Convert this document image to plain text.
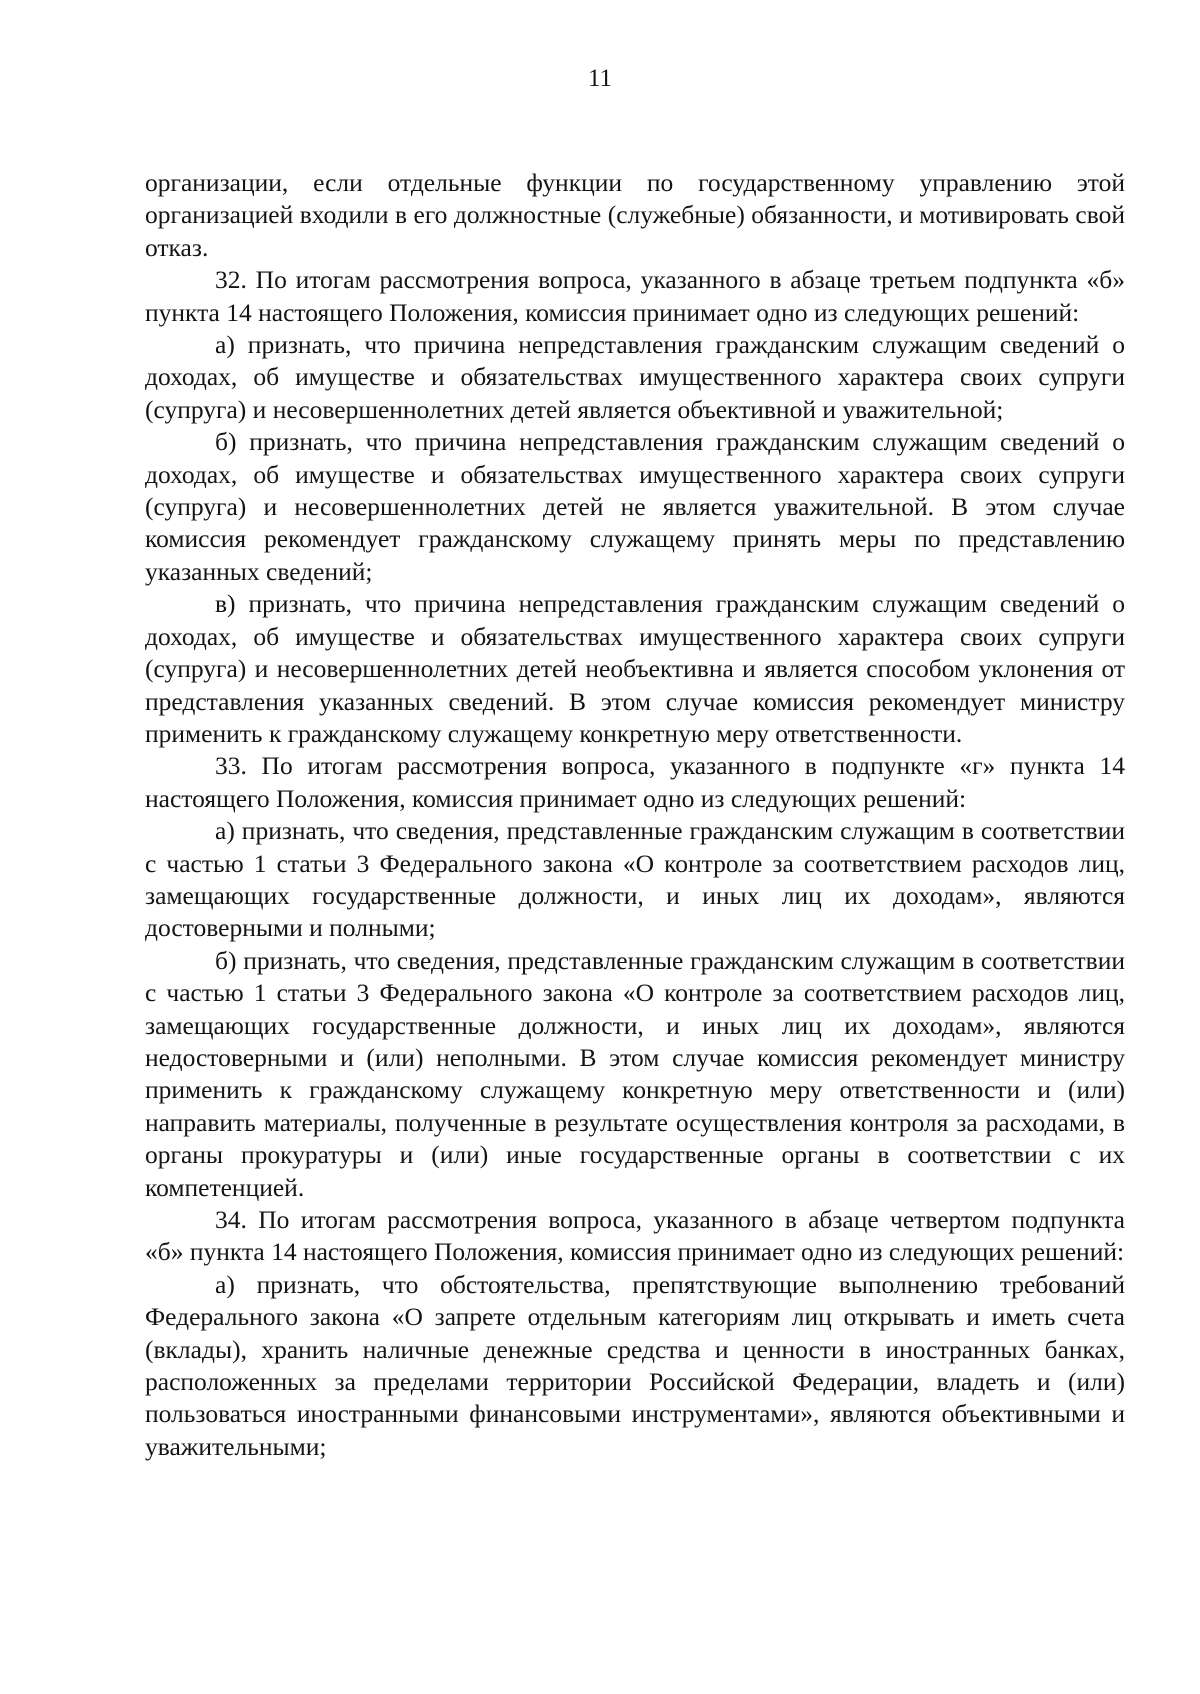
11

организации, если отдельные функции по государственному управлению этой организацией входили в его должностные (служебные) обязанности, и мотивировать свой отказ.

32. По итогам рассмотрения вопроса, указанного в абзаце третьем подпункта «б» пункта 14 настоящего Положения, комиссия принимает одно из следующих решений:

а) признать, что причина непредставления гражданским служащим сведений о доходах, об имуществе и обязательствах имущественного характера своих супруги (супруга) и несовершеннолетних детей является объективной и уважительной;

б) признать, что причина непредставления гражданским служащим сведений о доходах, об имуществе и обязательствах имущественного характера своих супруги (супруга) и несовершеннолетних детей не является уважительной. В этом случае комиссия рекомендует гражданскому служащему принять меры по представлению указанных сведений;

в) признать, что причина непредставления гражданским служащим сведений о доходах, об имуществе и обязательствах имущественного характера своих супруги (супруга) и несовершеннолетних детей необъективна и является способом уклонения от представления указанных сведений. В этом случае комиссия рекомендует министру применить к гражданскому служащему конкретную меру ответственности.

33. По итогам рассмотрения вопроса, указанного в подпункте «г» пункта 14 настоящего Положения, комиссия принимает одно из следующих решений:

а) признать, что сведения, представленные гражданским служащим в соответствии с частью 1 статьи 3 Федерального закона «О контроле за соответствием расходов лиц, замещающих государственные должности, и иных лиц их доходам», являются достоверными и полными;

б) признать, что сведения, представленные гражданским служащим в соответствии с частью 1 статьи 3 Федерального закона «О контроле за соответствием расходов лиц, замещающих государственные должности, и иных лиц их доходам», являются недостоверными и (или) неполными. В этом случае комиссия рекомендует министру применить к гражданскому служащему конкретную меру ответственности и (или) направить материалы, полученные в результате осуществления контроля за расходами, в органы прокуратуры и (или) иные государственные органы в соответствии с их компетенцией.

34. По итогам рассмотрения вопроса, указанного в абзаце четвертом подпункта «б» пункта 14 настоящего Положения, комиссия принимает одно из следующих решений:

а) признать, что обстоятельства, препятствующие выполнению требований Федерального закона «О запрете отдельным категориям лиц открывать и иметь счета (вклады), хранить наличные денежные средства и ценности в иностранных банках, расположенных за пределами территории Российской Федерации, владеть и (или) пользоваться иностранными финансовыми инструментами», являются объективными и уважительными;
